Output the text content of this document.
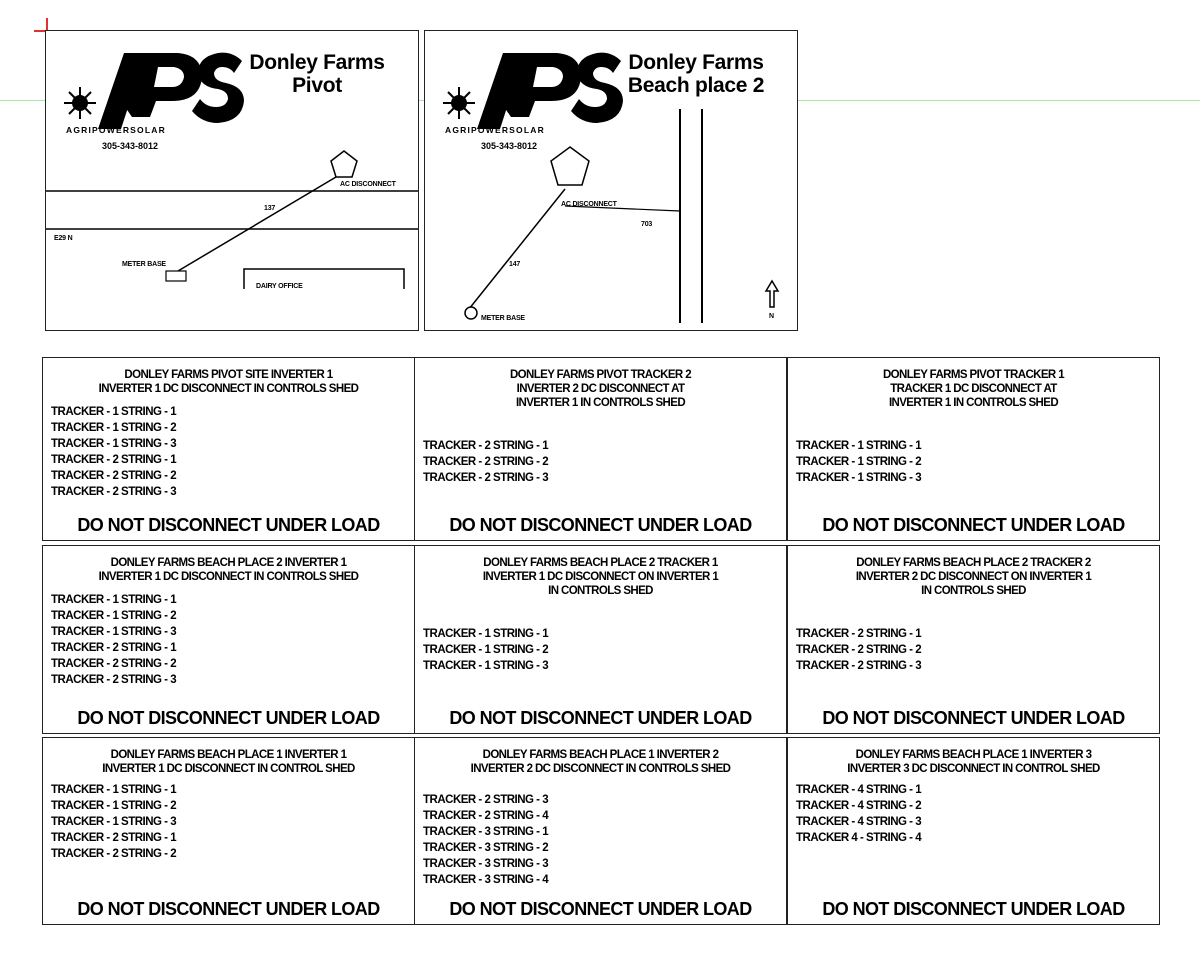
AGRIPOWERSOLAR
305-343-8012
Donley Farms
Pivot
AC DISCONNECT
137
E29 N
METER BASE
DAIRY OFFICE
AGRIPOWERSOLAR
305-343-8012
Donley Farms
Beach place 2
AC DISCONNECT
703
147
METER BASE	N
DONLEY FARMS PIVOT SITE INVERTER 1
INVERTER 1 DC DISCONNECT IN CONTROLS SHED
TRACKER - 1 STRING - 1
TRACKER - 1 STRING - 2
TRACKER - 1 STRING - 3
TRACKER - 2 STRING - 1
TRACKER - 2 STRING - 2
TRACKER - 2 STRING - 3
DO NOT DISCONNECT UNDER LOAD
DONLEY FARMS PIVOT TRACKER 2
INVERTER 2 DC DISCONNECT AT
INVERTER 1 IN CONTROLS SHED
TRACKER - 2 STRING - 1
TRACKER - 2 STRING - 2
TRACKER - 2 STRING - 3
DO NOT DISCONNECT UNDER LOAD
DONLEY FARMS PIVOT TRACKER 1
TRACKER 1 DC DISCONNECT AT
INVERTER 1 IN CONTROLS SHED
TRACKER - 1 STRING - 1
TRACKER - 1 STRING - 2
TRACKER - 1 STRING - 3
DO NOT DISCONNECT UNDER LOAD
DONLEY FARMS BEACH PLACE 2 INVERTER 1
INVERTER 1 DC DISCONNECT IN CONTROLS SHED
TRACKER - 1 STRING - 1
TRACKER - 1 STRING - 2
TRACKER - 1 STRING - 3
TRACKER - 2 STRING - 1
TRACKER - 2 STRING - 2
TRACKER - 2 STRING - 3
DO NOT DISCONNECT UNDER LOAD
DONLEY FARMS BEACH PLACE 2 TRACKER 1
INVERTER 1 DC DISCONNECT ON INVERTER 1
IN CONTROLS SHED
TRACKER - 1 STRING - 1
TRACKER - 1 STRING - 2
TRACKER - 1 STRING - 3
DO NOT DISCONNECT UNDER LOAD
DONLEY FARMS BEACH PLACE 2 TRACKER 2
INVERTER 2 DC DISCONNECT ON INVERTER 1
IN CONTROLS SHED
TRACKER - 2 STRING - 1
TRACKER - 2 STRING - 2
TRACKER - 2 STRING - 3
DO NOT DISCONNECT UNDER LOAD
DONLEY FARMS BEACH PLACE 1 INVERTER 1
INVERTER 1 DC DISCONNECT IN CONTROL SHED
TRACKER - 1 STRING - 1
TRACKER - 1 STRING - 2
TRACKER - 1 STRING - 3
TRACKER - 2 STRING - 1
TRACKER - 2 STRING - 2
DO NOT DISCONNECT UNDER LOAD
DONLEY FARMS BEACH PLACE 1 INVERTER 2
INVERTER 2 DC DISCONNECT IN CONTROLS SHED
TRACKER - 2 STRING - 3
TRACKER - 2 STRING - 4
TRACKER - 3 STRING - 1
TRACKER - 3 STRING - 2
TRACKER - 3 STRING - 3
TRACKER - 3 STRING - 4
DO NOT DISCONNECT UNDER LOAD
DONLEY FARMS BEACH PLACE 1 INVERTER 3
INVERTER 3 DC DISCONNECT IN CONTROL SHED
TRACKER - 4 STRING - 1
TRACKER - 4 STRING - 2
TRACKER - 4 STRING - 3
TRACKER 4 - STRING - 4
DO NOT DISCONNECT UNDER LOAD
